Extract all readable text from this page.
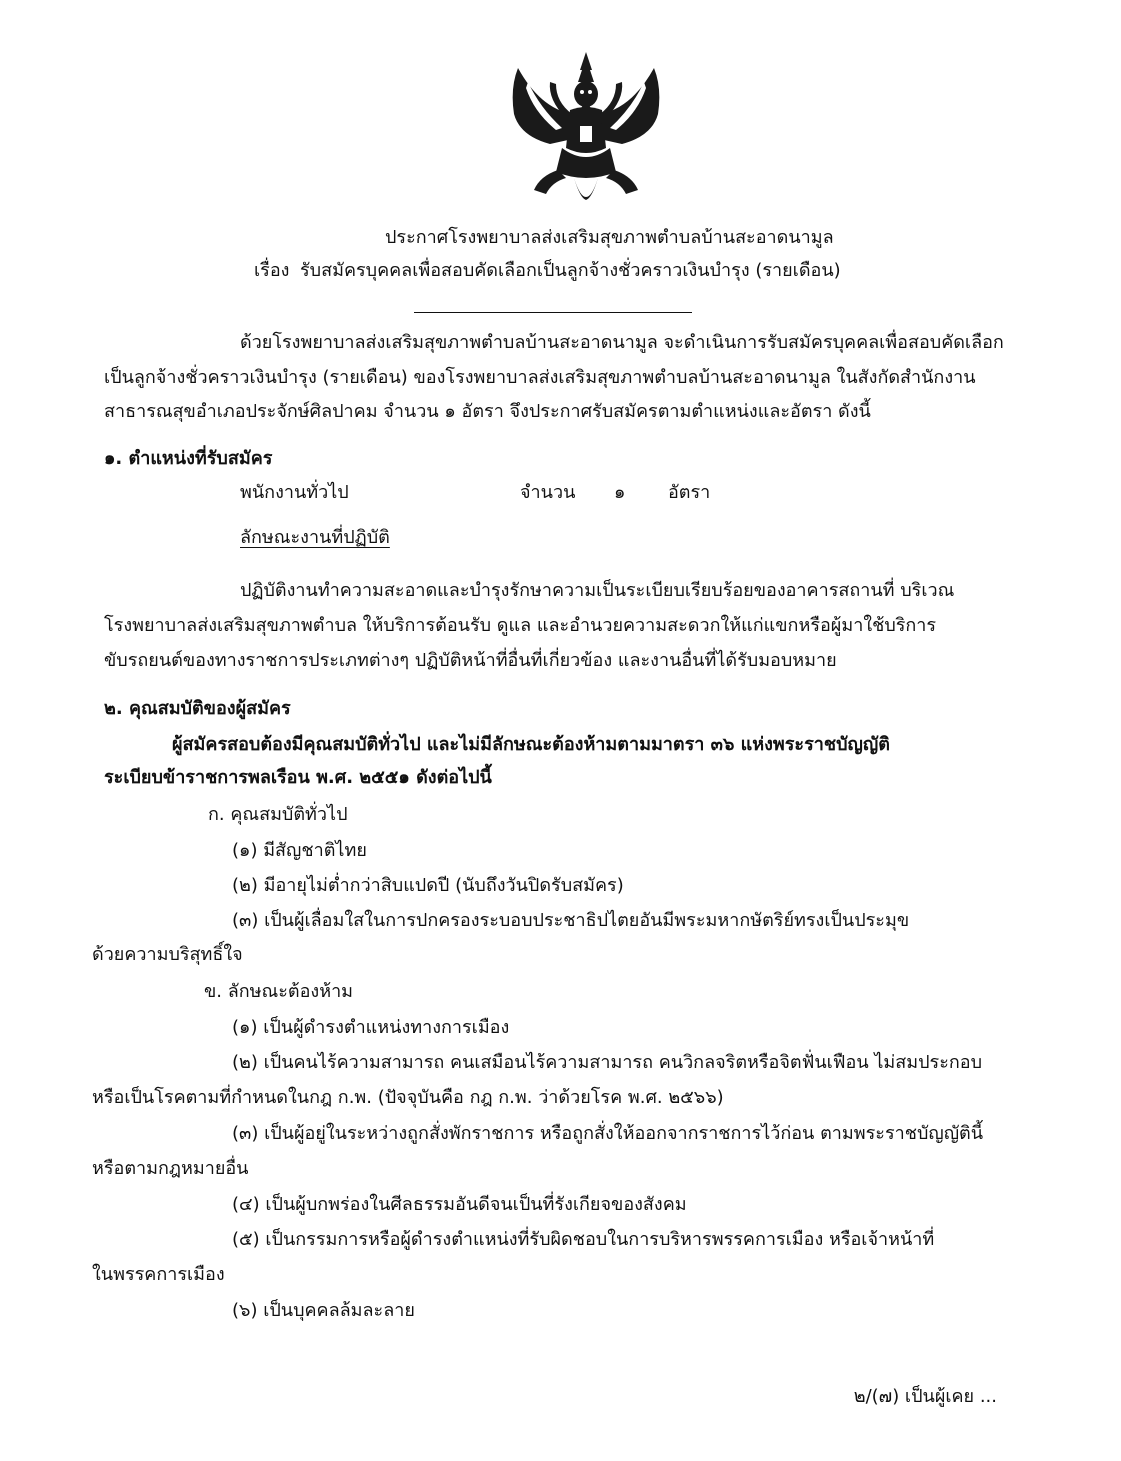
ประกาศโรงพยาบาลส่งเสริมสุขภาพตำบลบ้านสะอาดนามูล
เรื่อง รับสมัครบุคคลเพื่อสอบคัดเลือกเป็นลูกจ้างชั่วคราวเงินบำรุง (รายเดือน)
ด้วยโรงพยาบาลส่งเสริมสุขภาพตำบลบ้านสะอาดนามูล จะดำเนินการรับสมัครบุคคลเพื่อสอบคัดเลือก
เป็นลูกจ้างชั่วคราวเงินบำรุง (รายเดือน) ของโรงพยาบาลส่งเสริมสุขภาพตำบลบ้านสะอาดนามูล ในสังกัดสำนักงาน
สาธารณสุขอำเภอประจักษ์ศิลปาคม จำนวน ๑ อัตรา จึงประกาศรับสมัครตามตำแหน่งและอัตรา ดังนี้
๑. ตำแหน่งที่รับสมัคร
พนักงานทั่วไป	จำนวน ๑ อัตรา
ลักษณะงานที่ปฏิบัติ
ปฏิบัติงานทำความสะอาดและบำรุงรักษาความเป็นระเบียบเรียบร้อยของอาคารสถานที่ บริเวณ
โรงพยาบาลส่งเสริมสุขภาพตำบล ให้บริการต้อนรับ ดูแล และอำนวยความสะดวกให้แก่แขกหรือผู้มาใช้บริการ
ขับรถยนต์ของทางราชการประเภทต่างๆ ปฏิบัติหน้าที่อื่นที่เกี่ยวข้อง และงานอื่นที่ได้รับมอบหมาย
๒. คุณสมบัติของผู้สมัคร
ผู้สมัครสอบต้องมีคุณสมบัติทั่วไป และไม่มีลักษณะต้องห้ามตามมาตรา ๓๖ แห่งพระราชบัญญัติ
ระเบียบข้าราชการพลเรือน พ.ศ. ๒๕๕๑ ดังต่อไปนี้
ก. คุณสมบัติทั่วไป
(๑) มีสัญชาติไทย
(๒) มีอายุไม่ต่ำกว่าสิบแปดปี (นับถึงวันปิดรับสมัคร)
(๓) เป็นผู้เลื่อมใสในการปกครองระบอบประชาธิปไตยอันมีพระมหากษัตริย์ทรงเป็นประมุข
ด้วยความบริสุทธิ์ใจ
ข. ลักษณะต้องห้าม
(๑) เป็นผู้ดำรงตำแหน่งทางการเมือง
(๒) เป็นคนไร้ความสามารถ คนเสมือนไร้ความสามารถ คนวิกลจริตหรือจิตฟั่นเฟือน ไม่สมประกอบ
หรือเป็นโรคตามที่กำหนดในกฎ ก.พ. (ปัจจุบันคือ กฎ ก.พ. ว่าด้วยโรค พ.ศ. ๒๕๖๖)
(๓) เป็นผู้อยู่ในระหว่างถูกสั่งพักราชการ หรือถูกสั่งให้ออกจากราชการไว้ก่อน ตามพระราชบัญญัตินี้
หรือตามกฎหมายอื่น
(๔) เป็นผู้บกพร่องในศีลธรรมอันดีจนเป็นที่รังเกียจของสังคม
(๕) เป็นกรรมการหรือผู้ดำรงตำแหน่งที่รับผิดชอบในการบริหารพรรคการเมือง หรือเจ้าหน้าที่
ในพรรคการเมือง
(๖) เป็นบุคคลล้มละลาย
๒/(๗) เป็นผู้เคย ...
